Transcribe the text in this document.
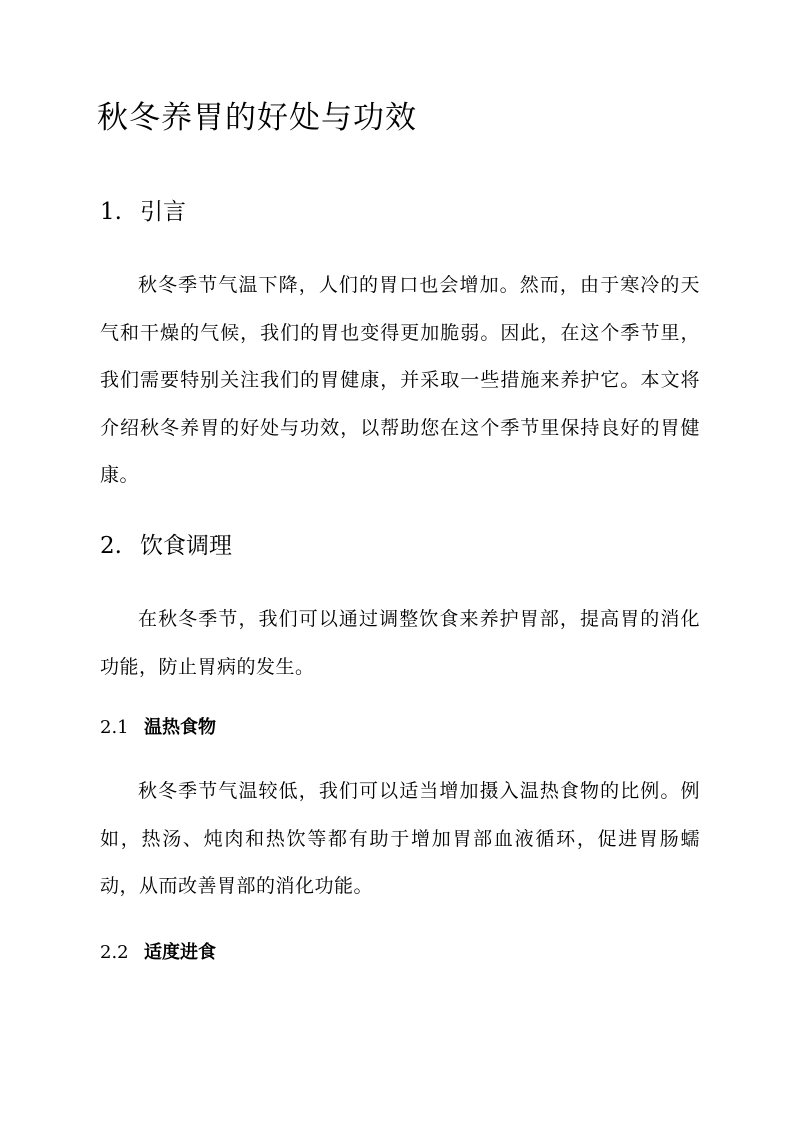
秋冬养胃的好处与功效
1. 引言

秋冬季节气温下降，人们的胃口也会增加。然而，由于寒冷的天气和干燥的气候，我们的胃也变得更加脆弱。因此，在这个季节里，我们需要特别关注我们的胃健康，并采取一些措施来养护它。本文将介绍秋冬养胃的好处与功效，以帮助您在这个季节里保持良好的胃健康。

2. 饮食调理

在秋冬季节，我们可以通过调整饮食来养护胃部，提高胃的消化功能，防止胃病的发生。

2.1 温热食物

秋冬季节气温较低，我们可以适当增加摄入温热食物的比例。例如，热汤、炖肉和热饮等都有助于增加胃部血液循环，促进胃肠蠕动，从而改善胃部的消化功能。

2.2 适度进食
